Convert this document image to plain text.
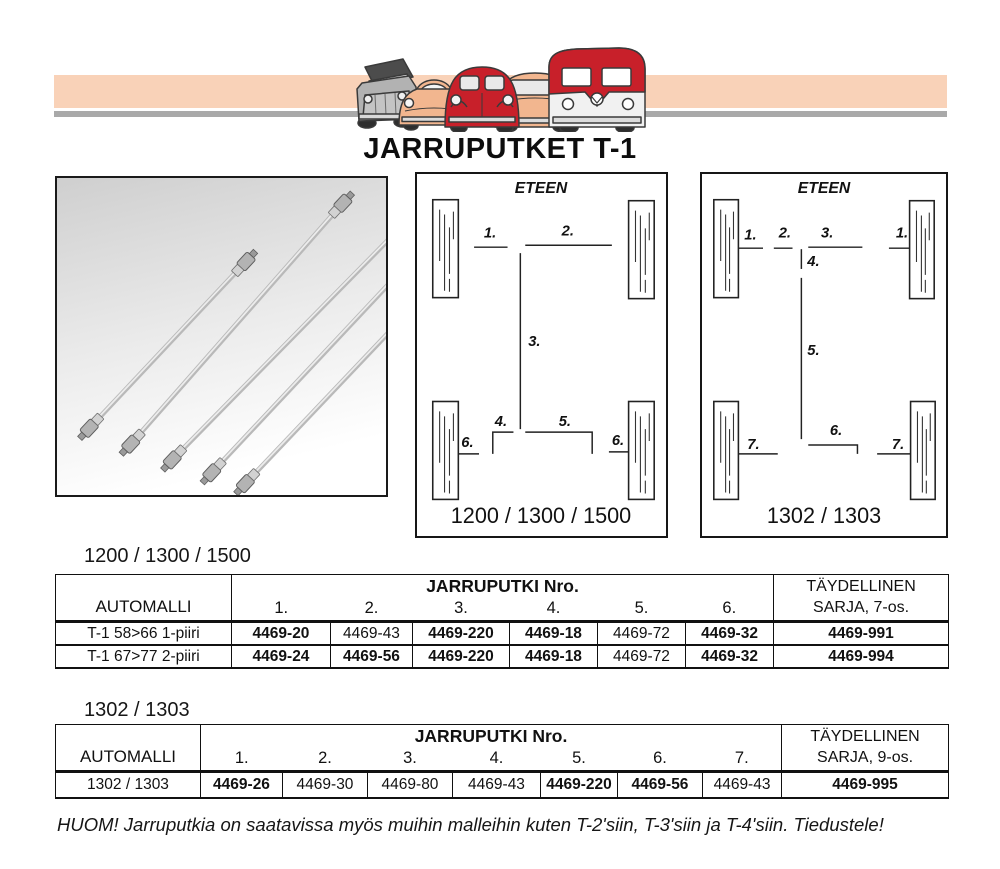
JARRUPUTKET T-1
ETEEN
1.	2.
3.
4.	5.
6.	6.
1200 / 1300 / 1500
ETEEN
1. 2. 3.	1.
4.
5.
6.
7.	7.
1302 / 1303
1200 / 1300 / 1500
AUTOMALLI	JARRUPUTKI Nro.						TÄYDELLINEN
SARJA, 7-os.

	1.	2.	3.	4.	5.	6.	
T-1 58>66 1-piiri	4469-20	4469-43	4469-220	4469-18	4469-72	4469-32	4469-991
T-1 67>77 2-piiri	4469-24	4469-56	4469-220	4469-18	4469-72	4469-32	4469-994
1302 / 1303
AUTOMALLI	JARRUPUTKI Nro.							TÄYDELLINEN
SARJA, 9-os.

	1.	2.	3.	4.	5.	6.	7.	
1302 / 1303	4469-26	4469-30	4469-80	4469-43	4469-220	4469-56	4469-43	4469-995
HUOM! Jarruputkia on saatavissa myös muihin malleihin kuten T-2'siin, T-3'siin ja T-4'siin. Tiedustele!
